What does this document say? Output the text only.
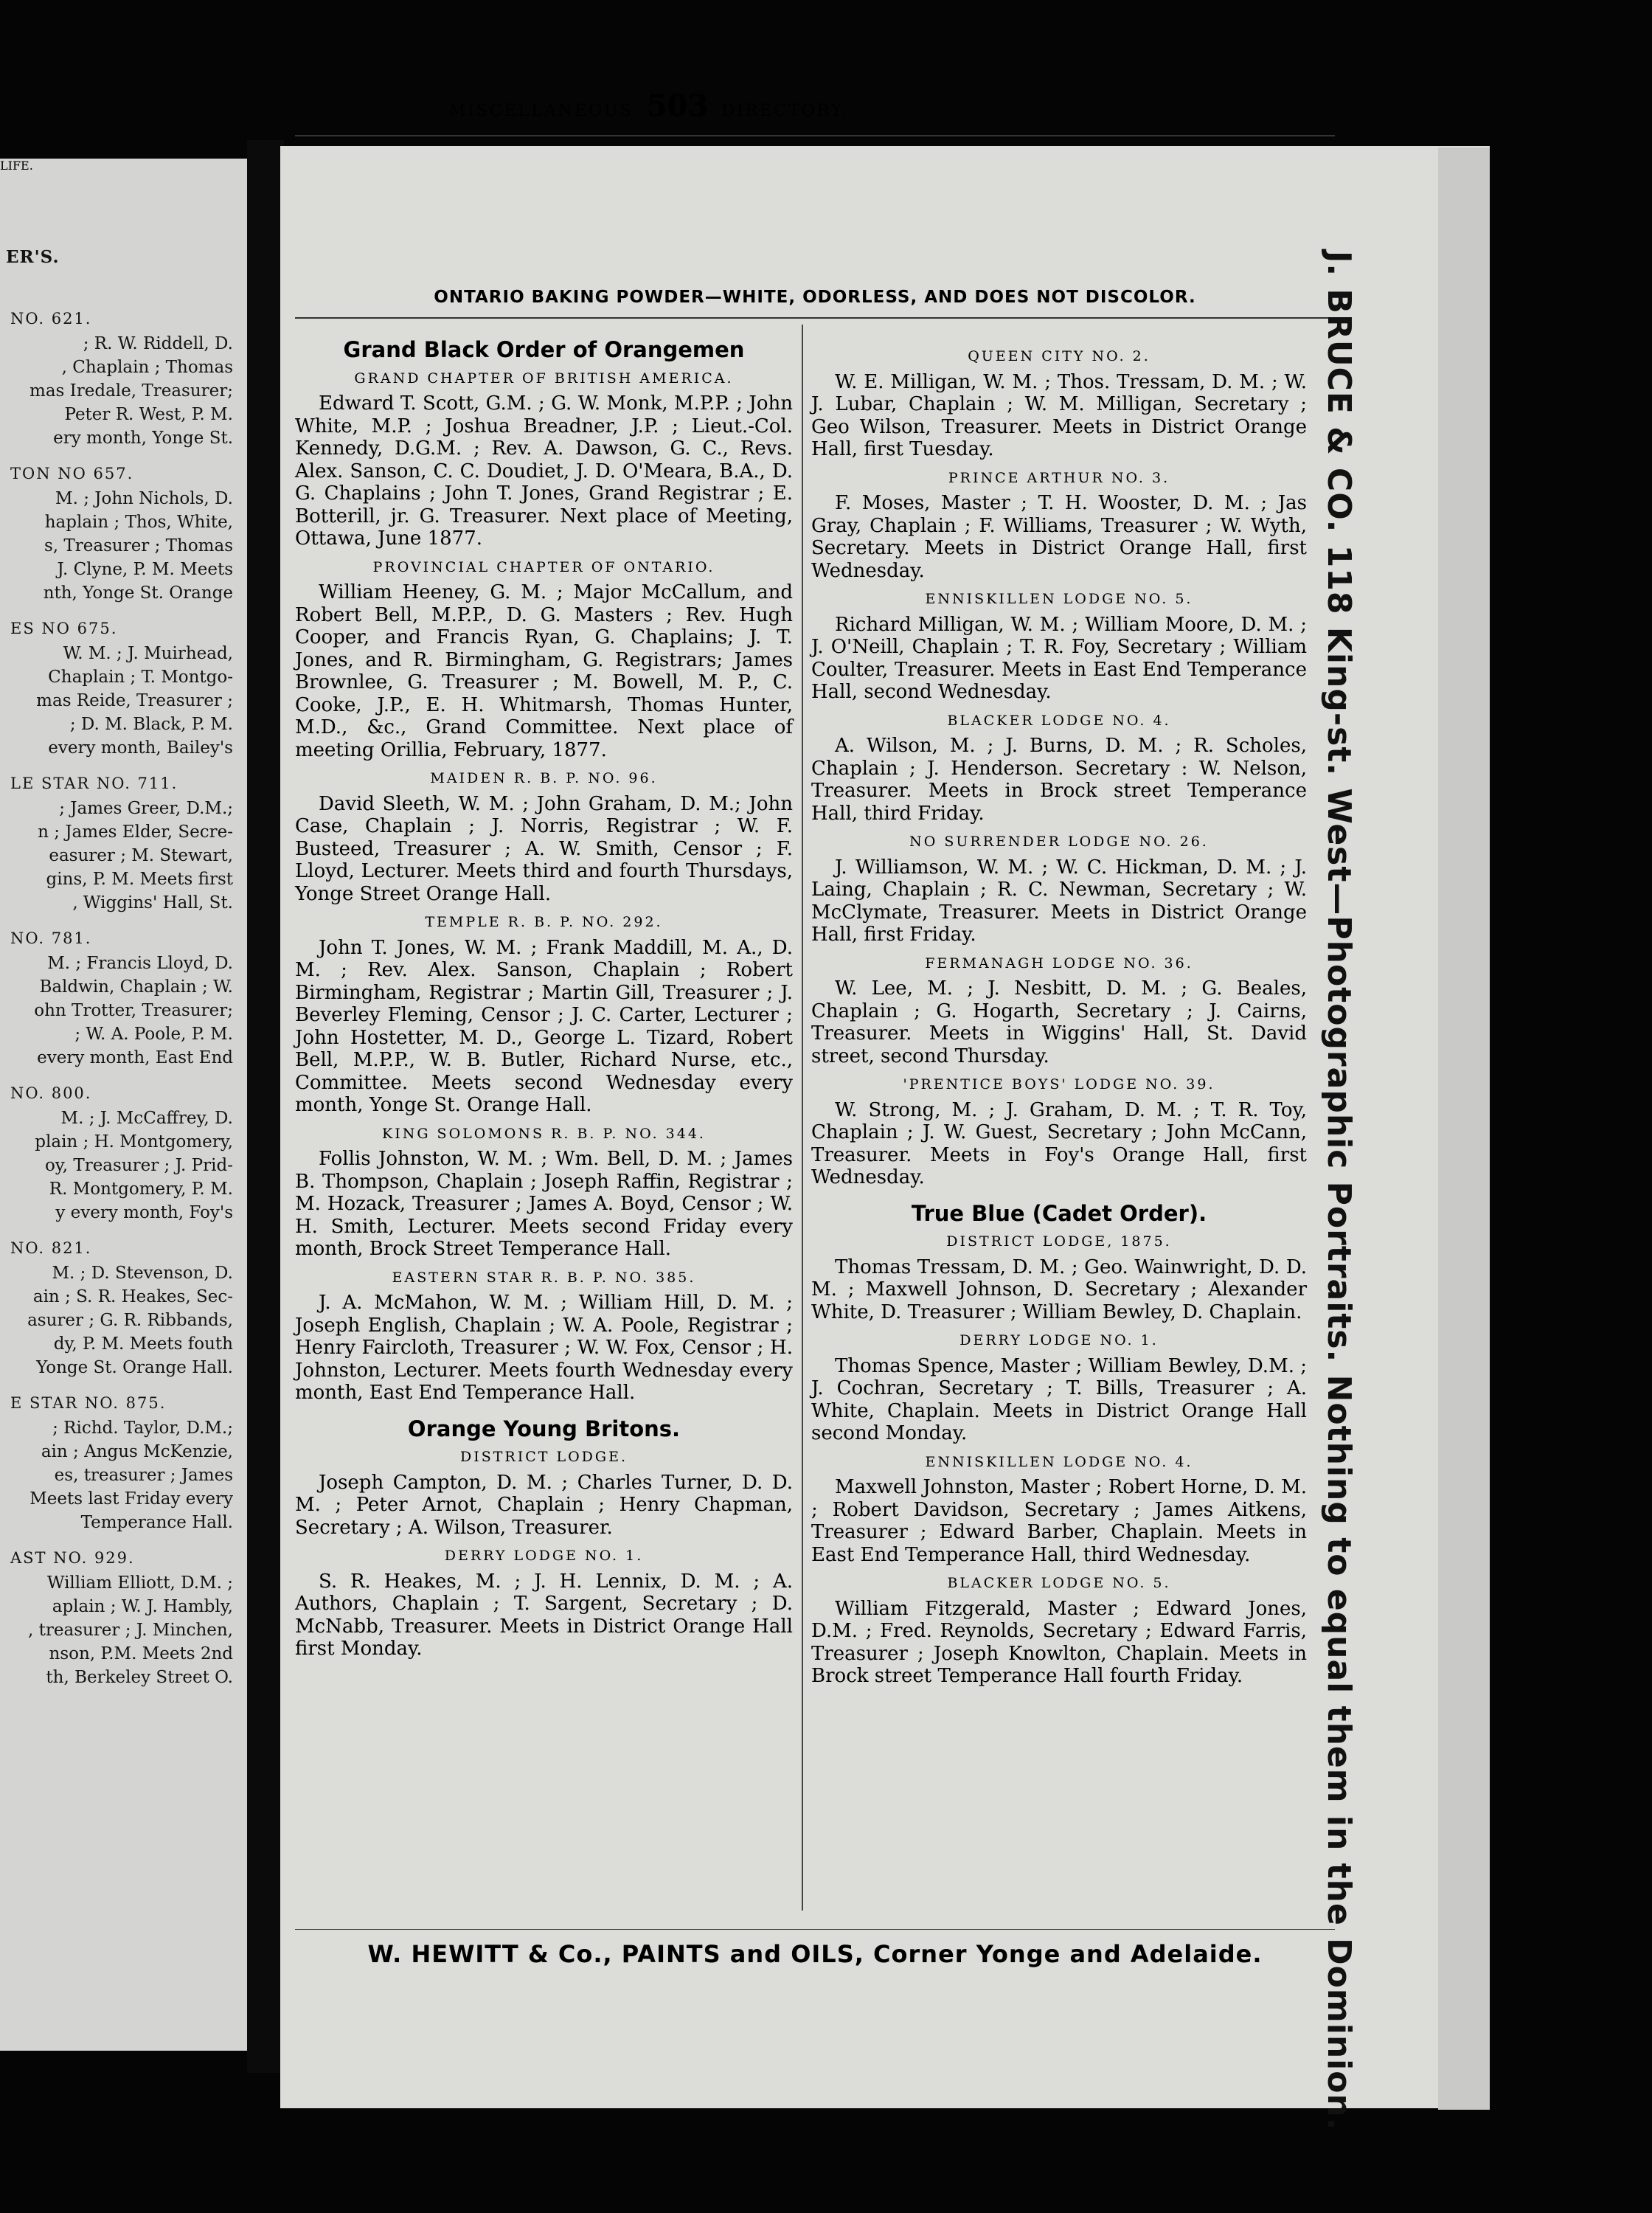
ER'S.
NO. 621.
; R. W. Riddell, D.
, Chaplain ; Thomas
mas Iredale, Treasurer;
Peter R. West, P. M.
ery month, Yonge St.
TON NO 657.
M. ; John Nichols, D.
haplain ; Thos, White,
s, Treasurer ; Thomas
J. Clyne, P. M. Meets
nth, Yonge St. Orange
ES NO 675.
W. M. ; J. Muirhead,
Chaplain ; T. Montgo-
mas Reide, Treasurer ;
; D. M. Black, P. M.
every month, Bailey's
LE STAR NO. 711.
; James Greer, D.M.;
n ; James Elder, Secre-
easurer ; M. Stewart,
gins, P. M. Meets first
, Wiggins' Hall, St.
NO. 781.
M. ; Francis Lloyd, D.
Baldwin, Chaplain ; W.
ohn Trotter, Treasurer;
; W. A. Poole, P. M.
every month, East End
NO. 800.
M. ; J. McCaffrey, D.
plain ; H. Montgomery,
oy, Treasurer ; J. Prid-
R. Montgomery, P. M.
y every month, Foy's
NO. 821.
M. ; D. Stevenson, D.
ain ; S. R. Heakes, Sec-
asurer ; G. R. Ribbands,
dy, P. M. Meets fouth
Yonge St. Orange Hall.
E STAR NO. 875.
; Richd. Taylor, D.M.;
ain ; Angus McKenzie,
es, treasurer ; James
Meets last Friday every
Temperance Hall.
AST NO. 929.
William Elliott, D.M. ;
aplain ; W. J. Hambly,
, treasurer ; J. Minchen,
nson, P.M. Meets 2nd
th, Berkeley Street O.
LIFE.
MISCELLANEOUS 503 DIRECTORY.
ONTARIO BAKING POWDER—WHITE, ODORLESS, AND DOES NOT DISCOLOR.
Grand Black Order of Orangemen
GRAND CHAPTER OF BRITISH AMERICA.

Edward T. Scott, G.M. ; G. W. Monk, M.P.P. ; John White, M.P. ; Joshua Breadner, J.P. ; Lieut.-Col. Kennedy, D.G.M. ; Rev. A. Dawson, G. C., Revs. Alex. Sanson, C. C. Doudiet, J. D. O'Meara, B.A., D. G. Chaplains ; John T. Jones, Grand Registrar ; E. Botterill, jr. G. Treasurer. Next place of Meeting, Ottawa, June 1877.

PROVINCIAL CHAPTER OF ONTARIO.

William Heeney, G. M. ; Major McCallum, and Robert Bell, M.P.P., D. G. Masters ; Rev. Hugh Cooper, and Francis Ryan, G. Chaplains; J. T. Jones, and R. Birmingham, G. Registrars; James Brownlee, G. Treasurer ; M. Bowell, M. P., C. Cooke, J.P., E. H. Whitmarsh, Thomas Hunter, M.D., &c., Grand Committee. Next place of meeting Orillia, February, 1877.

MAIDEN R. B. P. NO. 96.

David Sleeth, W. M. ; John Graham, D. M.; John Case, Chaplain ; J. Norris, Registrar ; W. F. Busteed, Treasurer ; A. W. Smith, Censor ; F. Lloyd, Lecturer. Meets third and fourth Thursdays, Yonge Street Orange Hall.

TEMPLE R. B. P. NO. 292.

John T. Jones, W. M. ; Frank Maddill, M. A., D. M. ; Rev. Alex. Sanson, Chaplain ; Robert Birmingham, Registrar ; Martin Gill, Treasurer ; J. Beverley Fleming, Censor ; J. C. Carter, Lecturer ; John Hostetter, M. D., George L. Tizard, Robert Bell, M.P.P., W. B. Butler, Richard Nurse, etc., Committee. Meets second Wednesday every month, Yonge St. Orange Hall.

KING SOLOMONS R. B. P. NO. 344.

Follis Johnston, W. M. ; Wm. Bell, D. M. ; James B. Thompson, Chaplain ; Joseph Raffin, Registrar ; M. Hozack, Treasurer ; James A. Boyd, Censor ; W. H. Smith, Lecturer. Meets second Friday every month, Brock Street Temperance Hall.

EASTERN STAR R. B. P. NO. 385.

J. A. McMahon, W. M. ; William Hill, D. M. ; Joseph English, Chaplain ; W. A. Poole, Registrar ; Henry Faircloth, Treasurer ; W. W. Fox, Censor ; H. Johnston, Lecturer. Meets fourth Wednesday every month, East End Temperance Hall.

Orange Young Britons.
DISTRICT LODGE.

Joseph Campton, D. M. ; Charles Turner, D. D. M. ; Peter Arnot, Chaplain ; Henry Chapman, Secretary ; A. Wilson, Treasurer.

DERRY LODGE NO. 1.

S. R. Heakes, M. ; J. H. Lennix, D. M. ; A. Authors, Chaplain ; T. Sargent, Secretary ; D. McNabb, Treasurer. Meets in District Orange Hall first Monday.

QUEEN CITY NO. 2.

W. E. Milligan, W. M. ; Thos. Tressam, D. M. ; W. J. Lubar, Chaplain ; W. M. Milligan, Secretary ; Geo Wilson, Treasurer. Meets in District Orange Hall, first Tuesday.

PRINCE ARTHUR NO. 3.

F. Moses, Master ; T. H. Wooster, D. M. ; Jas Gray, Chaplain ; F. Williams, Treasurer ; W. Wyth, Secretary. Meets in District Orange Hall, first Wednesday.

ENNISKILLEN LODGE NO. 5.

Richard Milligan, W. M. ; William Moore, D. M. ; J. O'Neill, Chaplain ; T. R. Foy, Secretary ; William Coulter, Treasurer. Meets in East End Temperance Hall, second Wednesday.

BLACKER LODGE NO. 4.

A. Wilson, M. ; J. Burns, D. M. ; R. Scholes, Chaplain ; J. Henderson. Secretary : W. Nelson, Treasurer. Meets in Brock street Temperance Hall, third Friday.

NO SURRENDER LODGE NO. 26.

J. Williamson, W. M. ; W. C. Hickman, D. M. ; J. Laing, Chaplain ; R. C. Newman, Secretary ; W. McClymate, Treasurer. Meets in District Orange Hall, first Friday.

FERMANAGH LODGE NO. 36.

W. Lee, M. ; J. Nesbitt, D. M. ; G. Beales, Chaplain ; G. Hogarth, Secretary ; J. Cairns, Treasurer. Meets in Wiggins' Hall, St. David street, second Thursday.

'PRENTICE BOYS' LODGE NO. 39.

W. Strong, M. ; J. Graham, D. M. ; T. R. Toy, Chaplain ; J. W. Guest, Secretary ; John McCann, Treasurer. Meets in Foy's Orange Hall, first Wednesday.

True Blue (Cadet Order).
DISTRICT LODGE, 1875.

Thomas Tressam, D. M. ; Geo. Wainwright, D. D. M. ; Maxwell Johnson, D. Secretary ; Alexander White, D. Treasurer ; William Bewley, D. Chaplain.

DERRY LODGE NO. 1.

Thomas Spence, Master ; William Bewley, D.M. ; J. Cochran, Secretary ; T. Bills, Treasurer ; A. White, Chaplain. Meets in District Orange Hall second Monday.

ENNISKILLEN LODGE NO. 4.

Maxwell Johnston, Master ; Robert Horne, D. M. ; Robert Davidson, Secretary ; James Aitkens, Treasurer ; Edward Barber, Chaplain. Meets in East End Temperance Hall, third Wednesday.

BLACKER LODGE NO. 5.

William Fitzgerald, Master ; Edward Jones, D.M. ; Fred. Reynolds, Secretary ; Edward Farris, Treasurer ; Joseph Knowlton, Chaplain. Meets in Brock street Temperance Hall fourth Friday.

W. HEWITT & Co., PAINTS and OILS, Corner Yonge and Adelaide.	J. BRUCE & CO. 118 King-st. West—Photographic Portraits. Nothing to equal them in the Dominion.
